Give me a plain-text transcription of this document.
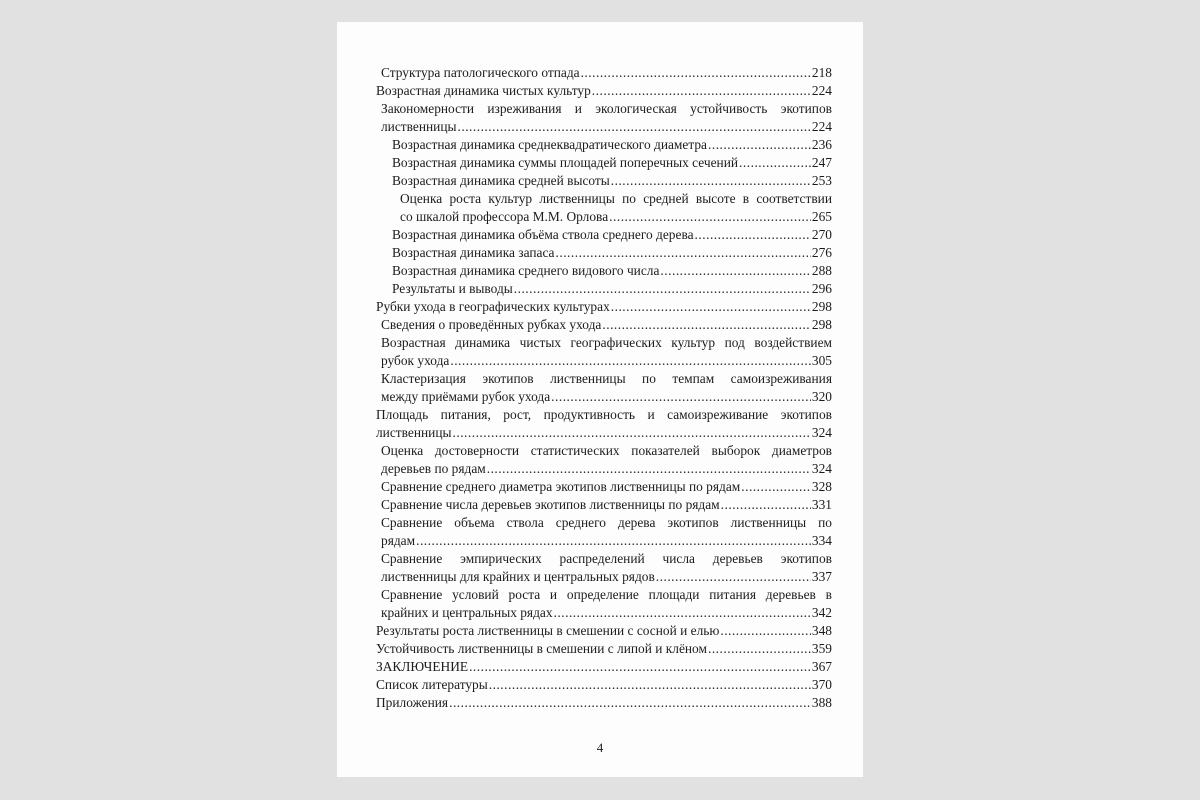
Структура патологического отпада .....	218
Возрастная динамика чистых культур .....	224
Закономерности изреживания и экологическая устойчивость экотипов
лиственницы .....	224
Возрастная динамика среднеквадратического диаметра .....	236
Возрастная динамика суммы площадей поперечных сечений .....	247
Возрастная динамика средней высоты .....	253
Оценка роста культур лиственницы по средней высоте в соответствии
со шкалой профессора М.М. Орлова .....	265
Возрастная динамика объёма ствола среднего дерева .....	270
Возрастная динамика запаса .....	276
Возрастная динамика среднего видового числа .....	288
Результаты и выводы .....	296
Рубки ухода в географических культурах .....	298
Сведения о проведённых рубках ухода .....	298
Возрастная динамика чистых географических культур под воздействием
рубок ухода .....	305
Кластеризация экотипов лиственницы по темпам самоизреживания
между приёмами рубок ухода .....	320
Площадь питания, рост, продуктивность и самоизреживание экотипов
лиственницы .....	324
Оценка достоверности статистических показателей выборок диаметров
деревьев по рядам .....	324
Сравнение среднего диаметра экотипов лиственницы по рядам .....	328
Сравнение числа деревьев экотипов лиственницы по рядам .....	331
Сравнение объема ствола среднего дерева экотипов лиственницы по
рядам .....	334
Сравнение эмпирических распределений числа деревьев экотипов
лиственницы для крайних и центральных рядов .....	337
Сравнение условий роста и определение площади питания деревьев в
крайних и центральных рядах .....	342
Результаты роста лиственницы в смешении с сосной и елью .....	348
Устойчивость лиственницы в смешении с липой и клёном .....	359
ЗАКЛЮЧЕНИЕ .....	367
Список литературы .....	370
Приложения .....	388
4
